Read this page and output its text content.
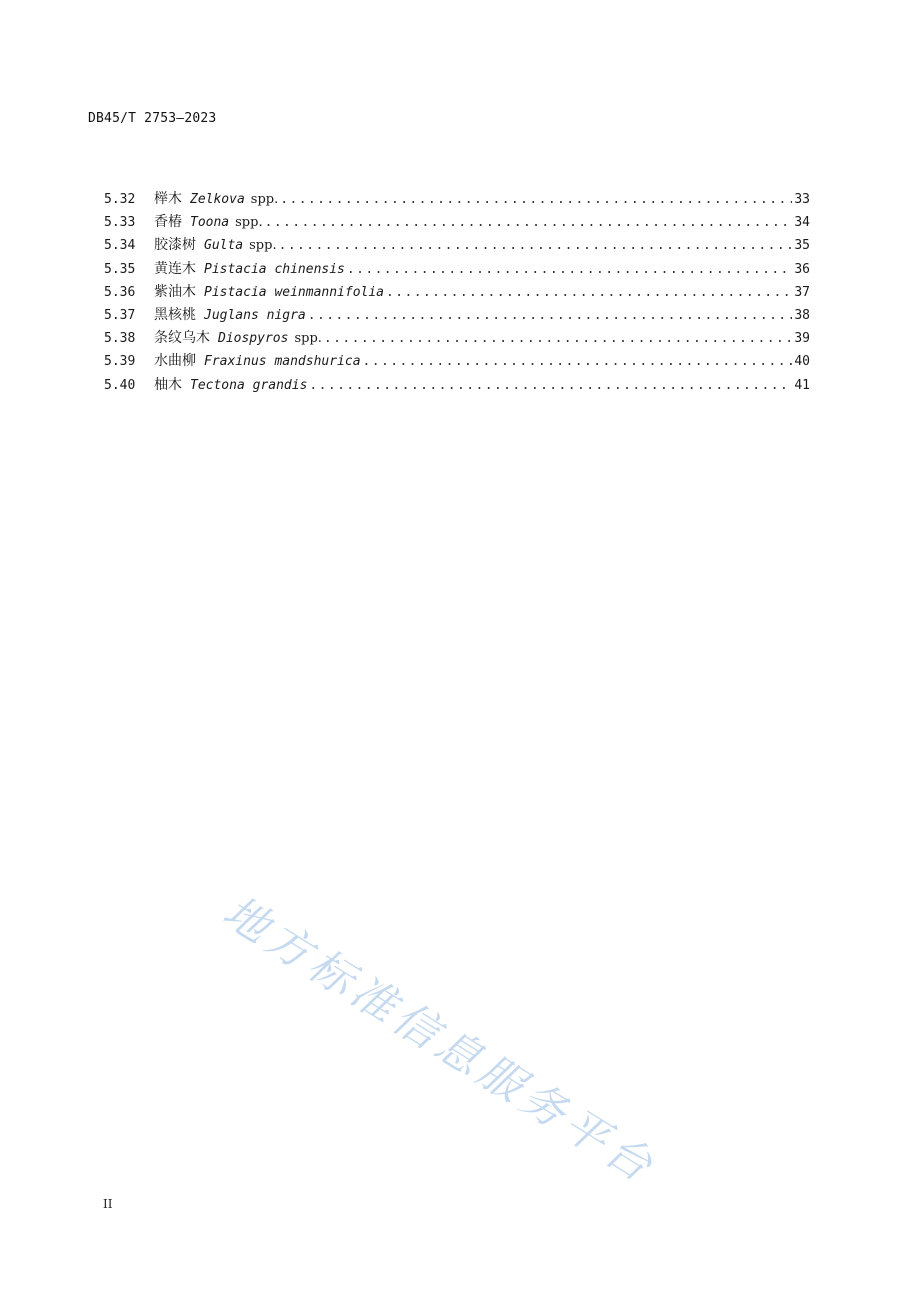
DB45/T 2753—2023
5.32	榉木 Zelkova spp. .....	33
5.33	香椿 Toona spp. .....	34
5.34	胶漆树 Gulta spp. .....	35
5.35	黄连木 Pistacia chinensis .....	36
5.36	紫油木 Pistacia weinmannifolia .....	37
5.37	黑核桃 Juglans nigra .....	38
5.38	条纹乌木 Diospyros spp. .....	39
5.39	水曲柳 Fraxinus mandshurica .....	40
5.40	柚木 Tectona grandis .....	41
地方标准信息服务平台
II
